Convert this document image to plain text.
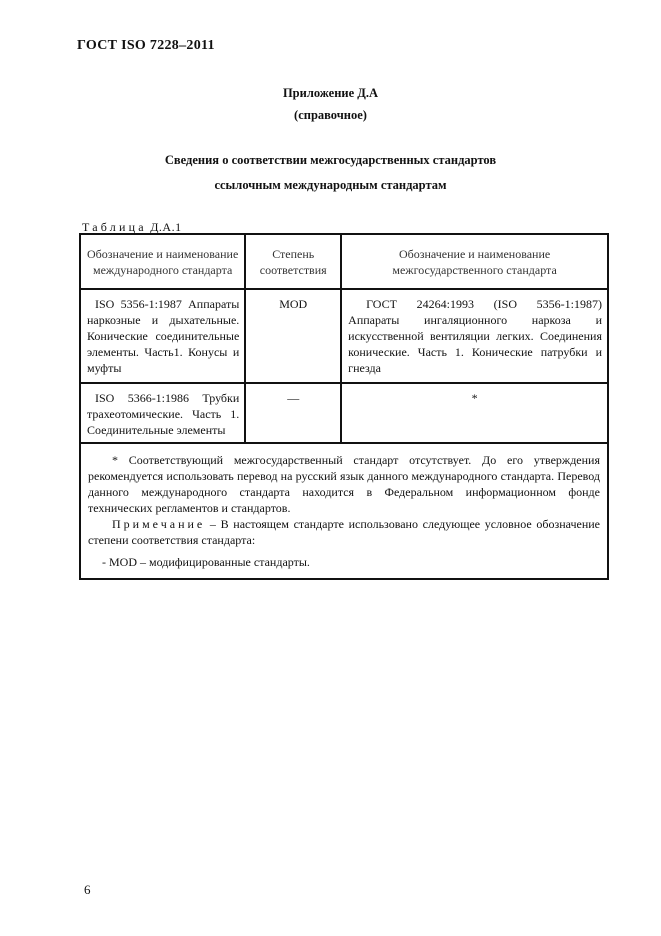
ГОСТ ISO 7228–2011
Приложение Д.А
(справочное)
Сведения о соответствии межгосударственных стандартов
ссылочным международным стандартам
Таблица Д.А.1
Обозначение и наименование международного стандарта	Степень соответствия	Обозначение и наименование межгосударственного стандарта

ISO 5356-1:1987 Аппараты наркозные и дыхательные. Конические соединительные элементы. Часть1. Конусы и муфты	MOD	ГОСТ 24264:1993 (ISO 5356-1:1987) Аппараты ингаляционного наркоза и искусственной вентиляции легких. Соединения конические. Часть 1. Конические патрубки и гнезда

ISO 5366-1:1986 Трубки трахеотомические. Часть 1. Соединительные элементы	—	*

* Соответствующий межгосударственный стандарт отсутствует. До его утверждения рекомендуется использовать перевод на русский язык данного международного стандарта. Перевод данного международного стандарта находится в Федеральном информационном фонде технических регламентов и стандартов.

Примечание – В настоящем стандарте использовано следующее условное обозначение степени соответствия стандарта:

- MOD – модифицированные стандарты.		

6
